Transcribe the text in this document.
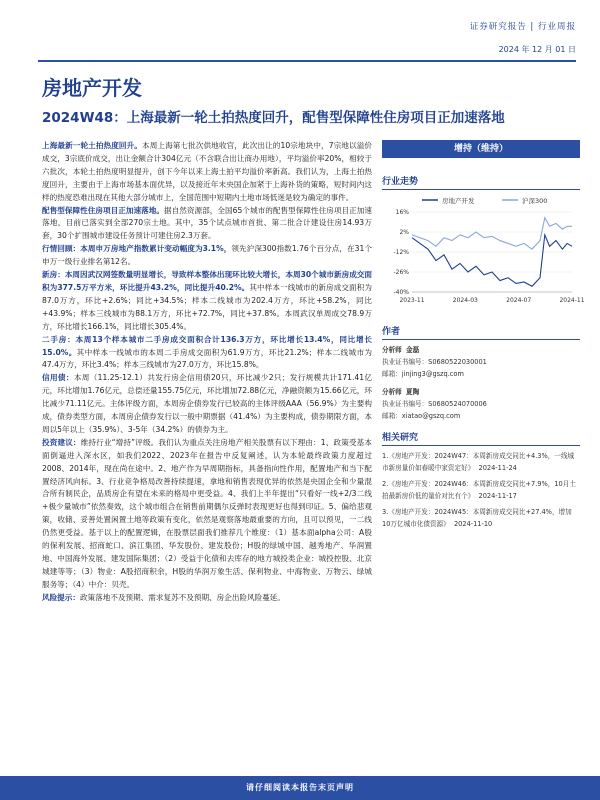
证券研究报告 | 行业周报
2024 年 12 月 01 日
房地产开发
2024W48：上海最新一轮土拍热度回升，配售型保障性住房项目正加速落地

上海最新一轮土拍热度回升。本周上海第七批次供地收官，此次出让的10宗地块中，7宗地以溢价成交，3宗底价成交，出让金额合计304亿元（不含联合出让商办用地），平均溢价率20%，相较于六批次，本轮土拍热度明显提升，创下今年以来上海土拍平均溢价率新高。我们认为，上海土拍热度回升，主要由于上海市场基本面优异，以及接近年末央国企加紧于上海补货的策略，短时间内这样的热度恐难出现在其他大部分城市上，全国范围中短期内土地市场低迷是较为确定的事件。

配售型保障性住房项目正加速落地。据自然资源部，全国65个城市的配售型保障性住房项目正加速落地，目前已落实到全部270宗土地。其中，35个试点城市首批、第二批合计建设住房14.93万套，30个扩围城市建设任务预计可建住房2.3万套。

行情回顾：本周申万房地产指数累计变动幅度为3.1%，领先沪深300指数1.76个百分点，在31个申万一级行业排名第12名。

新房：本周因武汉网签数量明显增长，导致样本整体出现环比较大增长，本周30个城市新房成交面积为377.5万平方米，环比提升43.2%，同比提升40.2%。其中样本一线城市的新房成交面积为87.0万方，环比+2.6%；同比+34.5%；样本二线城市为202.4万方，环比+58.2%，同比+43.9%；样本三线城市为88.1万方，环比+72.7%，同比+37.8%。本周武汉单周成交78.9万方，环比增长166.1%，同比增长305.4%。

二手房：本周13个样本城市二手房成交面积合计136.3万方，环比增长13.4%，同比增长15.0%。其中样本一线城市的本周二手房成交面积为61.9万方，环比21.2%；样本二线城市为47.4万方，环比3.4%；样本三线城市为27.0万方，环比15.8%。

信用债：本周（11.25-12.1）共发行房企信用债20只，环比减少2只；发行规模共计171.41亿元，环比增加1.76亿元，总偿还量155.75亿元，环比增加72.88亿元，净融资额为15.66亿元，环比减少71.11亿元。主体评级方面，本周房企债券发行已较高的主体评级AAA（56.9%）为主要构成，债券类型方面，本周房企债券发行以一般中期票据（41.4%）为主要构成，债券期限方面，本周以5年以上（35.9%）、3-5年（34.2%）的债券为主。

投资建议：维持行业“增持”评级。我们认为重点关注房地产相关股票有以下理由：1、政策受基本面倒逼进入深水区，如我们2022、2023年在报告中反复阐述，认为本轮最终政策力度超过2008、2014年，现在尚在途中。2、地产作为早周期指标，具备指向性作用，配置地产和当下配置经济风向标。3、行业竞争格局改善持续提速，拿地和销售表现优异的依然是央国企全和少量混合所有制民企，品质房企有望在未来的格局中更受益。4、我们上半年提出“只看好一线+2/3二线+极少量城市”依然奏效，这个城市组合在销售前期偶尔反弹时表现更好也得到印证。5、偏给悲观策，收储、妥善处置闲置土地等政策有变化，依然是观察落地最重要的方向，且可以预见，一二线仍然更受益。基于以上的配置逻辑，在股票层面我们推荐几个维度：（1）基本面alpha公司：A股的保利发展、招商蛇口、滨江集团、华发股份、建发股份；H股的绿城中国、越秀地产、华润置地、中国海外发展、建发国际集团；（2）受益于化债和去库存的地方城投类企业：城投控股、北京城建等等；（3）物业：A股招商积余，H股的华润万象生活、保利物业、中海物业、万物云、绿城服务等；（4）中介：贝壳。

风险提示：政策落地不及预期、需求复苏不及预期、房企出险风险蔓延。

增持（维持）
行业走势
房地产开发	沪深300
16%
2%
-12%
-26%
-40%
2023-11	2024-03	2024-07	2024-11
作者
分析师 金磊
执业证书编号：S0680522030001
邮箱：jinjing3@gszq.com
分析师 夏陶
执业证书编号：S0680524070006
邮箱：xiatao@gszq.com
相关研究
1.《房地产开发：2024W47：本周新房成交同比+4.3%，一线城市新房量价如春暖中家资定好》 2024-11-24
2.《房地产开发：2024W46：本周新房成交同比+7.9%，10月土拍最新房价低的量价对比有个》 2024-11-17
3.《房地产开发：2024W45：本周新房成交同比+27.4%，增加10万亿城市化债资源》 2024-11-10
请仔细阅读本报告末页声明
